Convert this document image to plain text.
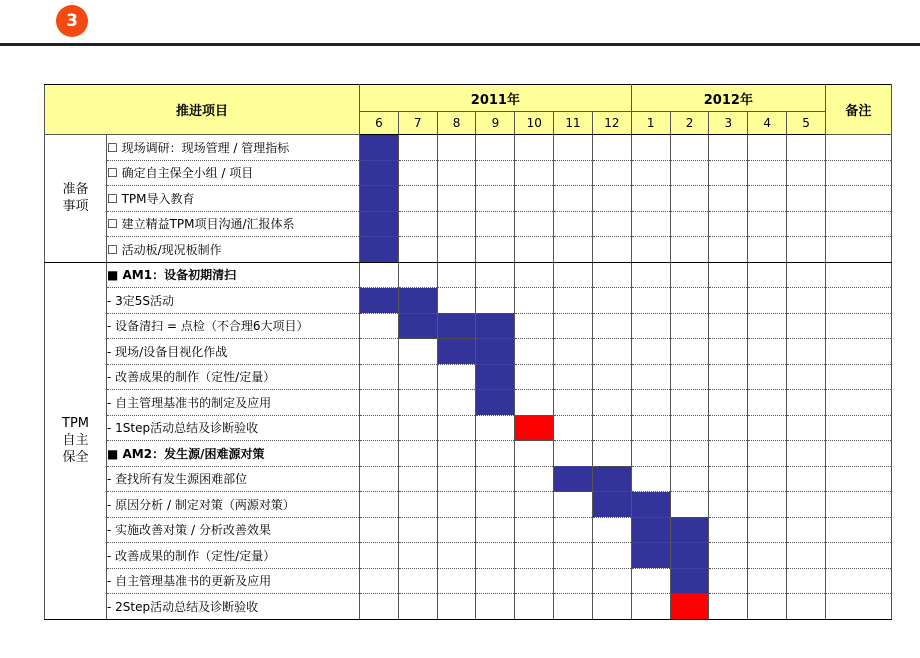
3
推进项目		2011年							2012年					备注
		6	7	8	9	10	11	12	1	2	3	4	5	
准备
事项	☐ 现场调研：现场管理 / 管理指标													
	☐ 确定自主保全小组 / 项目													
	☐ TPM导入教育													
	☐ 建立精益TPM项目沟通/汇报体系													
	☐ 活动板/现况板制作													
TPM
自主
保全	■ AM1：设备初期清扫													
	- 3定5S活动													
	- 设备清扫 = 点检（不合理6大项目）													
	- 现场/设备目视化作战													
	- 改善成果的制作（定性/定量）													
	- 自主管理基准书的制定及应用													
	- 1Step活动总结及诊断验收													
	■ AM2：发生源/困难源对策													
	- 查找所有发生源困难部位													
	- 原因分析 / 制定对策（两源对策）													
	- 实施改善对策 / 分析改善效果													
	- 改善成果的制作（定性/定量）													
	- 自主管理基准书的更新及应用													
	- 2Step活动总结及诊断验收													
